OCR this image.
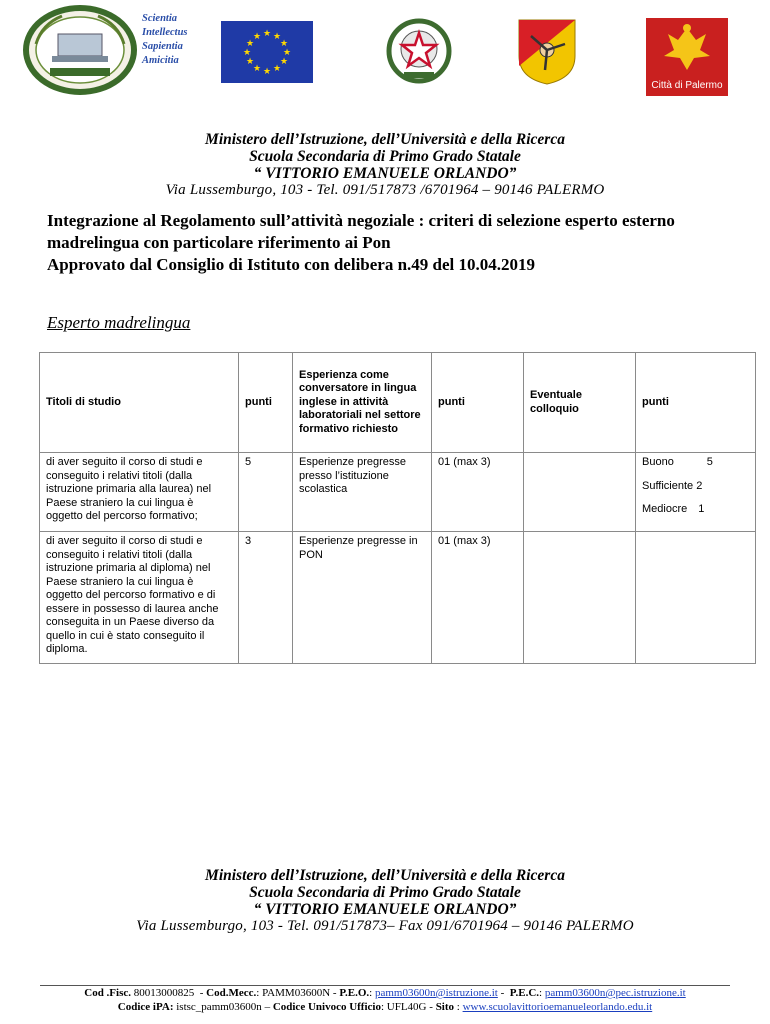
Scientia
Intellectus
Sapientia
Amicitia
★ ★
★
★
★
★
★
★
★
★
★
★
Città di Palermo
Ministero dell’Istruzione, dell’Università e della Ricerca
Scuola Secondaria di Primo Grado Statale
“ VITTORIO EMANUELE ORLANDO”
Via Lussemburgo, 103 - Tel. 091/517873 /6701964 – 90146 PALERMO
Integrazione al Regolamento sull’attività negoziale : criteri di selezione esperto esterno
madrelingua con particolare riferimento ai Pon
Approvato dal Consiglio di Istituto con delibera n.49 del 10.04.2019
Esperto madrelingua
Titoli di studio	punti	Esperienza come conversatore in lingua inglese in attività laboratoriali nel settore formativo richiesto	punti	Eventuale colloquio	punti
di aver seguito il corso di studi e conseguito i relativi titoli (dalla istruzione primaria alla laurea) nel Paese straniero la cui lingua è oggetto del percorso formativo;	5	Esperienze pregresse presso l’istituzione scolastica	01 (max 3)		Buono 5
Sufficiente 2
Mediocre 1

di aver seguito il corso di studi e conseguito i relativi titoli (dalla istruzione primaria al diploma) nel Paese straniero la cui lingua è oggetto del percorso formativo e di essere in possesso di laurea anche conseguita in un Paese diverso da quello in cui è stato conseguito il diploma.	3	Esperienze pregresse in PON	01 (max 3)		
Ministero dell’Istruzione, dell’Università e della Ricerca
Scuola Secondaria di Primo Grado Statale
“ VITTORIO EMANUELE ORLANDO”
Via Lussemburgo, 103 - Tel. 091/517873– Fax 091/6701964 – 90146 PALERMO
Cod .Fisc. 80013000825  - Cod.Mecc.: PAMM03600N - P.E.O.: pamm03600n@istruzione.it -  P.E.C.: pamm03600n@pec.istruzione.it
Codice iPA: istsc_pamm03600n – Codice Univoco Ufficio: UFL40G - Sito : www.scuolavittorioemanueleorlando.edu.it
